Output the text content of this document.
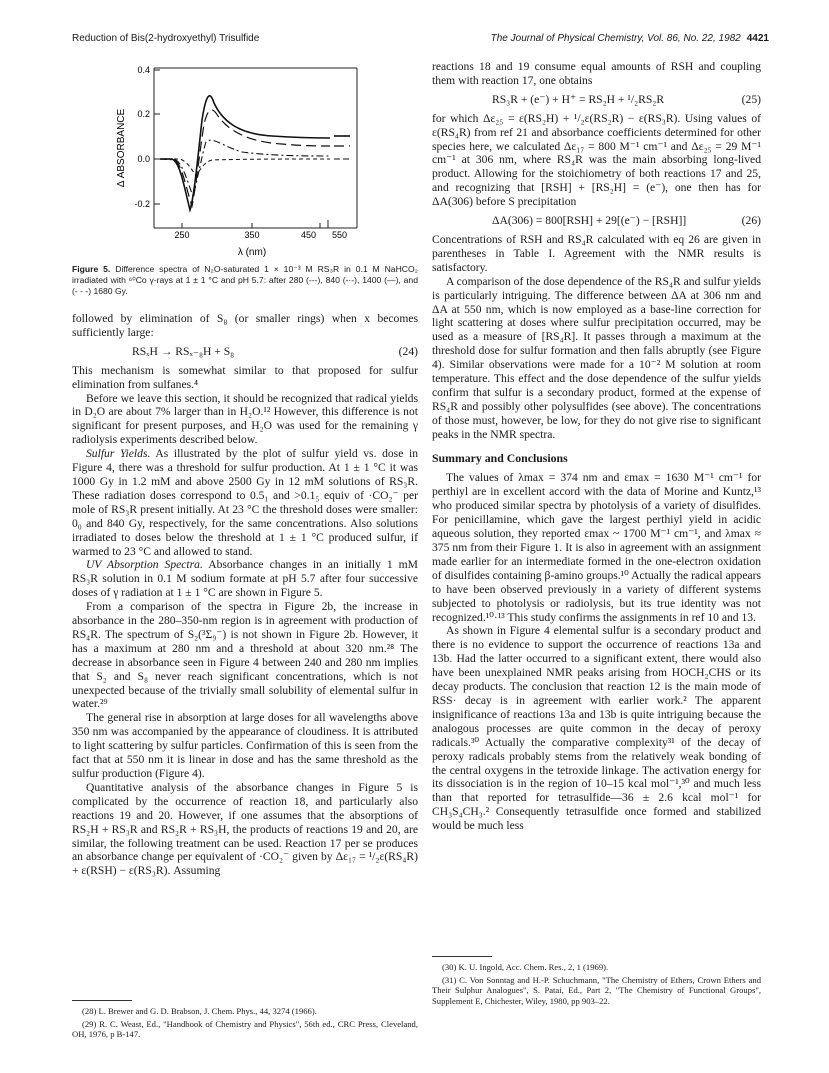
Reduction of Bis(2-hydroxyethyl) Trisulfide	The Journal of Physical Chemistry, Vol. 86, No. 22, 1982 4421
0.4
0.2
0.0
-0.2
250	350	450 550
λ (nm)
Δ ABSORBANCE
Figure 5. Difference spectra of N₂O-saturated 1 × 10⁻³ M RS₃R in 0.1 M NaHCO₂ irradiated with ⁶⁰Co γ-rays at 1 ± 1 °C and pH 5.7: after 280 (---), 840 (-·-), 1400 (—), and (- - -) 1680 Gy.

followed by elimination of S₈ (or smaller rings) when x becomes sufficiently large:

RSₓH → RSₓ₋₈H + S₈	(24)

This mechanism is somewhat similar to that proposed for sulfur elimination from sulfanes.⁴

Before we leave this section, it should be recognized that radical yields in D₂O are about 7% larger than in H₂O.¹² However, this difference is not significant for present purposes, and H₂O was used for the remaining γ radiolysis experiments described below.

Sulfur Yields. As illustrated by the plot of sulfur yield vs. dose in Figure 4, there was a threshold for sulfur production. At 1 ± 1 °C it was 1000 Gy in 1.2 mM and above 2500 Gy in 12 mM solutions of RS₃R. These radiation doses correspond to 0.5₁ and >0.1₅ equiv of ·CO₂⁻ per mole of RS₃R present initially. At 23 °C the threshold doses were smaller: 0₀ and 840 Gy, respectively, for the same concentrations. Also solutions irradiated to doses below the threshold at 1 ± 1 °C produced sulfur, if warmed to 23 °C and allowed to stand.

UV Absorption Spectra. Absorbance changes in an initially 1 mM RS₃R solution in 0.1 M sodium formate at pH 5.7 after four successive doses of γ radiation at 1 ± 1 °C are shown in Figure 5.

From a comparison of the spectra in Figure 2b, the increase in absorbance in the 280–350-nm region is in agreement with production of RS₄R. The spectrum of S₂(³Σ₉⁻) is not shown in Figure 2b. However, it has a maximum at 280 nm and a threshold at about 320 nm.²⁸ The decrease in absorbance seen in Figure 4 between 240 and 280 nm implies that S₂ and S₈ never reach significant concentrations, which is not unexpected because of the trivially small solubility of elemental sulfur in water.²⁹

The general rise in absorption at large doses for all wavelengths above 350 nm was accompanied by the appearance of cloudiness. It is attributed to light scattering by sulfur particles. Confirmation of this is seen from the fact that at 550 nm it is linear in dose and has the same threshold as the sulfur production (Figure 4).

Quantitative analysis of the absorbance changes in Figure 5 is complicated by the occurrence of reaction 18, and particularly also reactions 19 and 20. However, if one assumes that the absorptions of RS₂H + RS₃R and RS₂R + RS₃H, the products of reactions 19 and 20, are similar, the following treatment can be used. Reaction 17 per se produces an absorbance change per equivalent of ·CO₂⁻ given by Δε₁₇ = ¹/₂ε(RS₄R) + ε(RSH) − ε(RS₃R). Assuming

(28) L. Brewer and G. D. Brabson, J. Chem. Phys., 44, 3274 (1966).

(29) R. C. Weast, Ed., "Handbook of Chemistry and Physics", 56th ed., CRC Press, Cleveland, OH, 1976, p B-147.

reactions 18 and 19 consume equal amounts of RSH and coupling them with reaction 17, one obtains

RS₃R + (e⁻) + H⁺ = RS₂H + ¹/₂RS₂R	(25)

for which Δε₂₅ = ε(RS₂H) + ¹/₂ε(RS₂R) − ε(RS₃R). Using values of ε(RS₄R) from ref 21 and absorbance coefficients determined for other species here, we calculated Δε₁₇ = 800 M⁻¹ cm⁻¹ and Δε₂₅ = 29 M⁻¹ cm⁻¹ at 306 nm, where RS₄R was the main absorbing long-lived product. Allowing for the stoichiometry of both reactions 17 and 25, and recognizing that [RSH] + [RS₂H] = (e⁻), one then has for ΔA(306) before S precipitation

ΔA(306) = 800[RSH] + 29[(e⁻) − [RSH]]	(26)

Concentrations of RSH and RS₄R calculated with eq 26 are given in parentheses in Table I. Agreement with the NMR results is satisfactory.

A comparison of the dose dependence of the RS₄R and sulfur yields is particularly intriguing. The difference between ΔA at 306 nm and ΔA at 550 nm, which is now employed as a base-line correction for light scattering at doses where sulfur precipitation occurred, may be used as a measure of [RS₄R]. It passes through a maximum at the threshold dose for sulfur formation and then falls abruptly (see Figure 4). Similar observations were made for a 10⁻² M solution at room temperature. This effect and the dose dependence of the sulfur yields confirm that sulfur is a secondary product, formed at the expense of RS₄R and possibly other polysulfides (see above). The concentrations of those must, however, be low, for they do not give rise to significant peaks in the NMR spectra.

Summary and Conclusions

The values of λmax = 374 nm and εmax = 1630 M⁻¹ cm⁻¹ for perthiyl are in excellent accord with the data of Morine and Kuntz,¹³ who produced similar spectra by photolysis of a variety of disulfides. For penicillamine, which gave the largest perthiyl yield in acidic aqueous solution, they reported εmax ~ 1700 M⁻¹ cm⁻¹, and λmax ≈ 375 nm from their Figure 1. It is also in agreement with an assignment made earlier for an intermediate formed in the one-electron oxidation of disulfides containing β-amino groups.¹⁰ Actually the radical appears to have been observed previously in a variety of different systems subjected to photolysis or radiolysis, but its true identity was not recognized.¹⁰·¹³ This study confirms the assignments in ref 10 and 13.

As shown in Figure 4 elemental sulfur is a secondary product and there is no evidence to support the occurrence of reactions 13a and 13b. Had the latter occurred to a significant extent, there would also have been unexplained NMR peaks arising from HOCH₂CHS or its decay products. The conclusion that reaction 12 is the main mode of RSS· decay is in agreement with earlier work.² The apparent insignificance of reactions 13a and 13b is quite intriguing because the analogous processes are quite common in the decay of peroxy radicals.³⁰ Actually the comparative complexity³¹ of the decay of peroxy radicals probably stems from the relatively weak bonding of the central oxygens in the tetroxide linkage. The activation energy for its dissociation is in the region of 10–15 kcal mol⁻¹,³⁰ and much less than that reported for tetrasulfide—36 ± 2.6 kcal mol⁻¹ for CH₃S₄CH₃.² Consequently tetrasulfide once formed and stabilized would be much less

(30) K. U. Ingold, Acc. Chem. Res., 2, 1 (1969).

(31) C. Von Sonntag and H.-P. Schuchmann, "The Chemistry of Ethers, Crown Ethers and Their Sulphur Analogues", S. Patai, Ed., Part 2, "The Chemistry of Functional Groups", Supplement E, Chichester, Wiley, 1980, pp 903–22.
